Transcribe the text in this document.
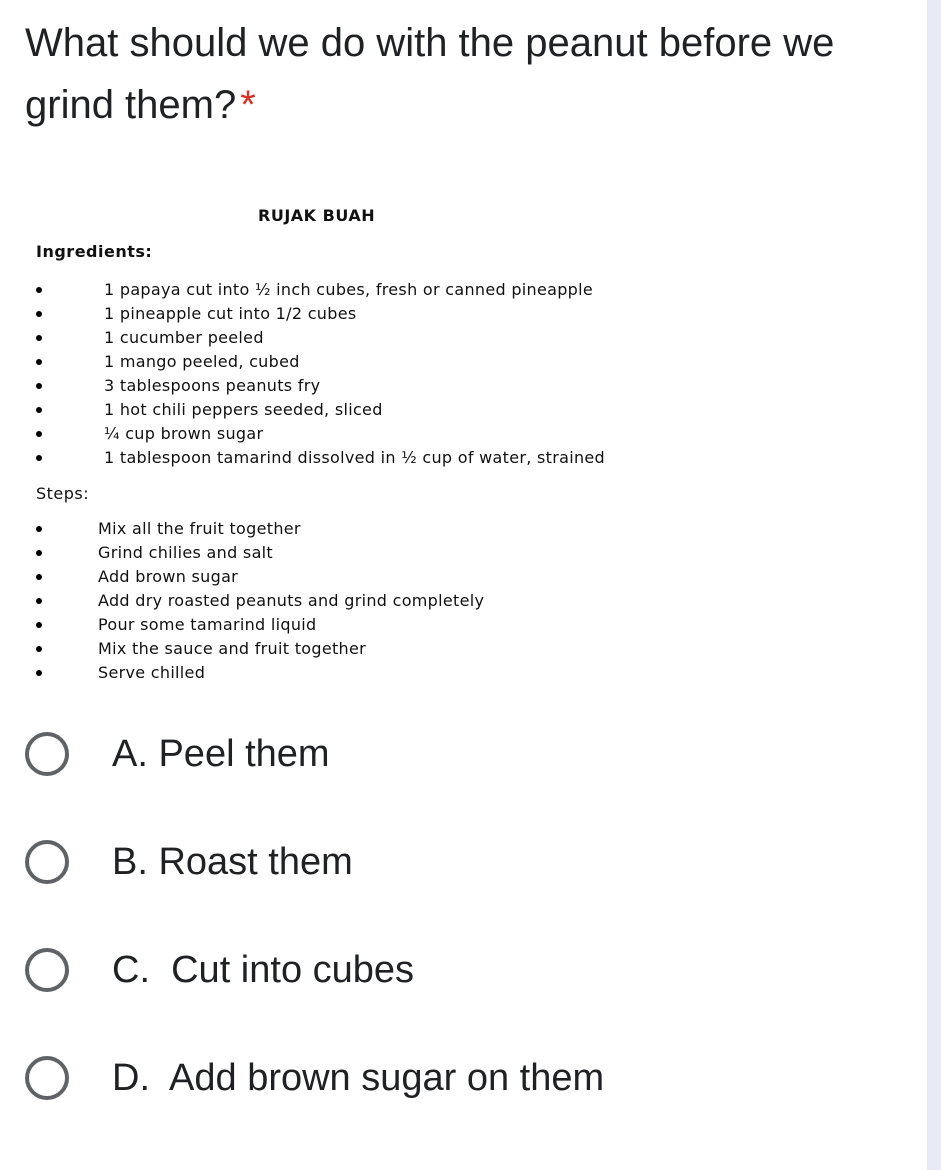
What should we do with the peanut before we grind them? *
RUJAK BUAH
Ingredients:
1 papaya cut into ½ inch cubes, fresh or canned pineapple
1 pineapple cut into 1/2 cubes
1 cucumber peeled
1 mango peeled, cubed
3 tablespoons peanuts fry
1 hot chili peppers seeded, sliced
¼ cup brown sugar
1 tablespoon tamarind dissolved in ½ cup of water, strained
Steps:
Mix all the fruit together
Grind chilies and salt
Add brown sugar
Add dry roasted peanuts and grind completely
Pour some tamarind liquid
Mix the sauce and fruit together
Serve chilled
A. Peel them
B. Roast them
C.  Cut into cubes
D.  Add brown sugar on them
